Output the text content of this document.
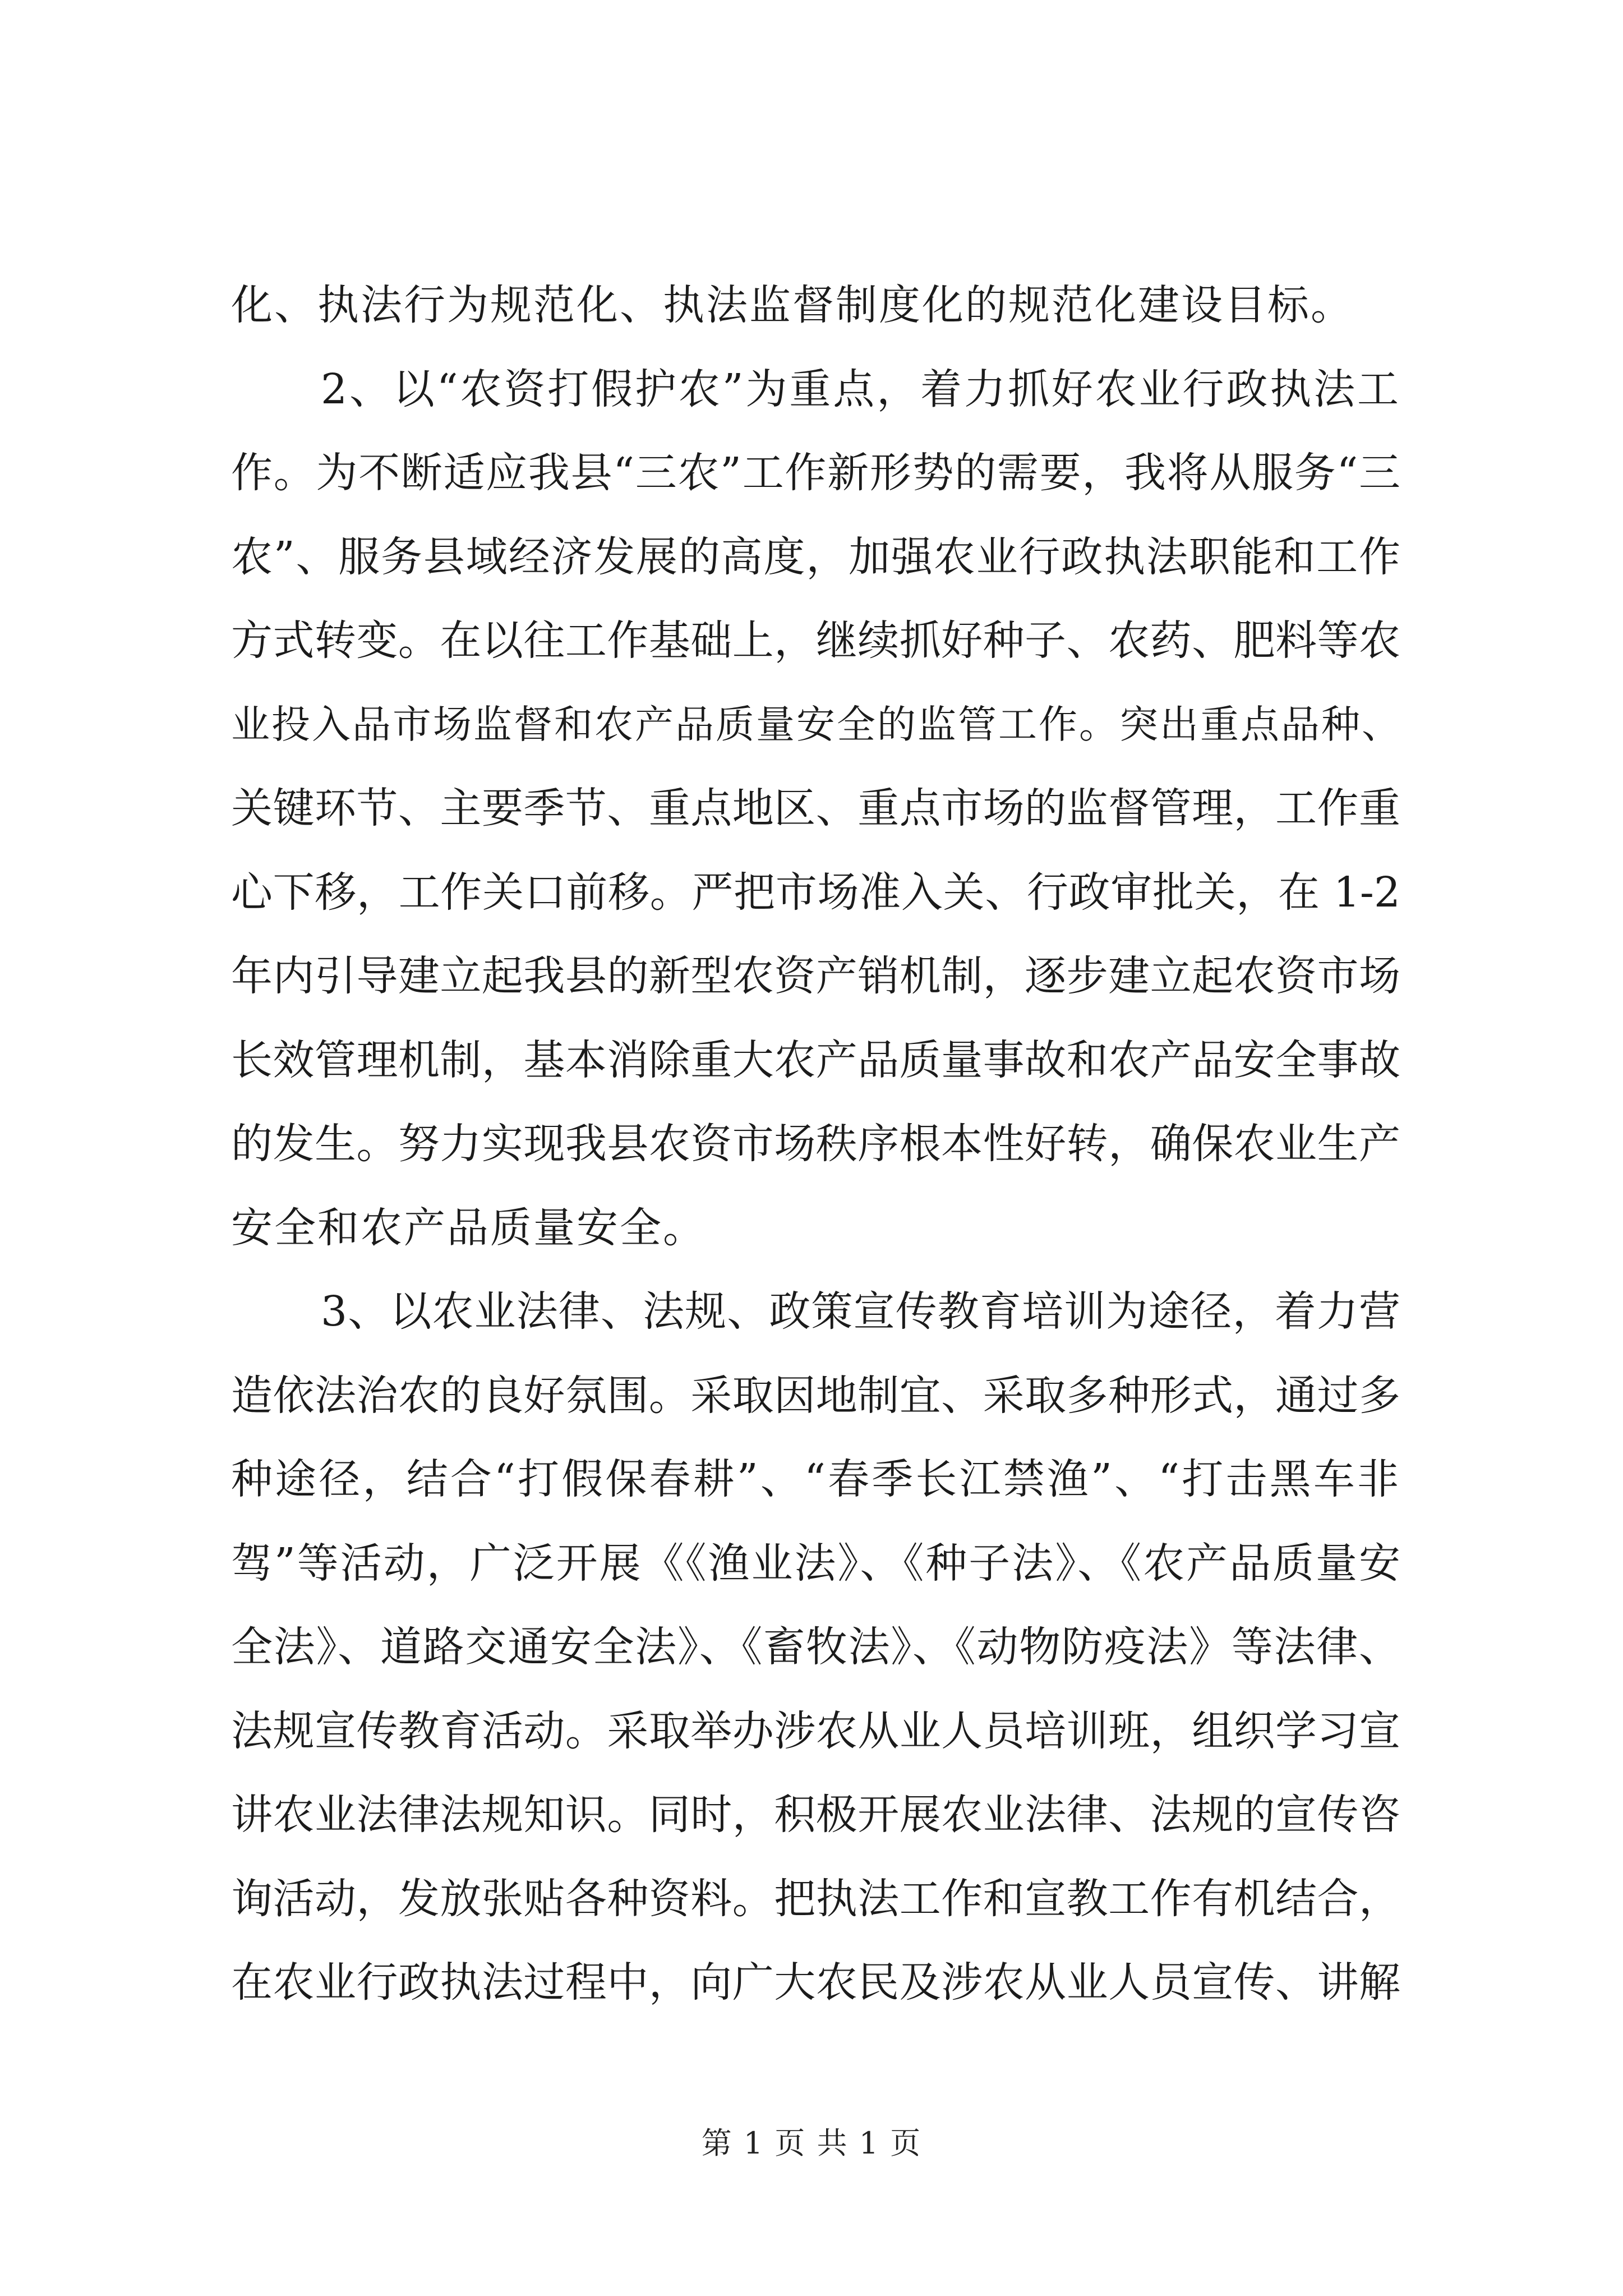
化、执法行为规范化、执法监督制度化的规范化建设目标。
2、以“农资打假护农”为重点，着力抓好农业行政执法工
作。为不断适应我县“三农”工作新形势的需要，我将从服务“三
农”、服务县域经济发展的高度，加强农业行政执法职能和工作
方式转变。在以往工作基础上，继续抓好种子、农药、肥料等农
业投入品市场监督和农产品质量安全的监管工作。突出重点品种、
关键环节、主要季节、重点地区、重点市场的监督管理，工作重
心下移，工作关口前移。严把市场准入关、行政审批关，在 1-2
年内引导建立起我县的新型农资产销机制，逐步建立起农资市场
长效管理机制，基本消除重大农产品质量事故和农产品安全事故
的发生。努力实现我县农资市场秩序根本性好转，确保农业生产
安全和农产品质量安全。
3、以农业法律、法规、政策宣传教育培训为途径，着力营
造依法治农的良好氛围。采取因地制宜、采取多种形式，通过多
种途径，结合“打假保春耕”、“春季长江禁渔”、“打击黑车非
驾”等活动，广泛开展《《渔业法》、《种子法》、《农产品质量安
全法》、道路交通安全法》、《畜牧法》、《动物防疫法》等法律、
法规宣传教育活动。采取举办涉农从业人员培训班，组织学习宣
讲农业法律法规知识。同时，积极开展农业法律、法规的宣传咨
询活动，发放张贴各种资料。把执法工作和宣教工作有机结合，
在农业行政执法过程中，向广大农民及涉农从业人员宣传、讲解
第 1 页 共 1 页
